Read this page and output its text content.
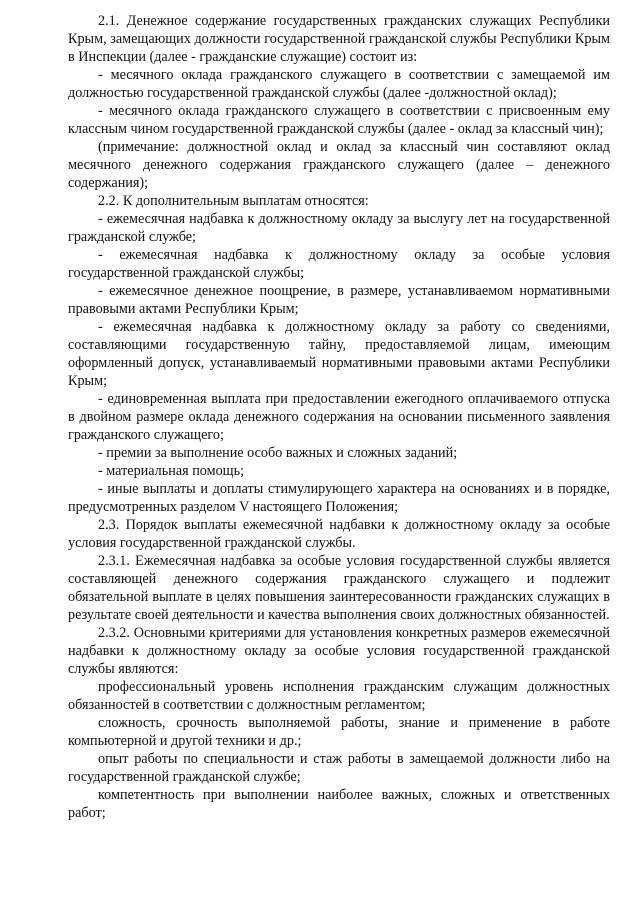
2.1. Денежное содержание государственных гражданских служащих Республики Крым, замещающих должности государственной гражданской службы Республики Крым в Инспекции (далее - гражданские служащие) состоит из:

- месячного оклада гражданского служащего в соответствии с замещаемой им должностью государственной гражданской службы (далее -должностной оклад);

- месячного оклада гражданского служащего в соответствии с присвоенным ему классным чином государственной гражданской службы (далее - оклад за классный чин);

(примечание: должностной оклад и оклад за классный чин составляют оклад месячного денежного содержания гражданского служащего (далее – денежного содержания);

2.2. К дополнительным выплатам относятся:

- ежемесячная надбавка к должностному окладу за выслугу лет на государственной гражданской службе;

- ежемесячная надбавка к должностному окладу за особые условия государственной гражданской службы;

- ежемесячное денежное поощрение, в размере, устанавливаемом нормативными правовыми актами Республики Крым;

- ежемесячная надбавка к должностному окладу за работу со сведениями, составляющими государственную тайну, предоставляемой лицам, имеющим оформленный допуск, устанавливаемый нормативными правовыми актами Республики Крым;

- единовременная выплата при предоставлении ежегодного оплачиваемого отпуска в двойном размере оклада денежного содержания на основании письменного заявления гражданского служащего;

- премии за выполнение особо важных и сложных заданий;

- материальная помощь;

- иные выплаты и доплаты стимулирующего характера на основаниях и в порядке, предусмотренных разделом V настоящего Положения;

2.3. Порядок выплаты ежемесячной надбавки к должностному окладу за особые условия государственной гражданской службы.

2.3.1. Ежемесячная надбавка за особые условия государственной службы является составляющей денежного содержания гражданского служащего и подлежит обязательной выплате в целях повышения заинтересованности гражданских служащих в результате своей деятельности и качества выполнения своих должностных обязанностей.

2.3.2. Основными критериями для установления конкретных размеров ежемесячной надбавки к должностному окладу за особые условия государственной гражданской службы являются:

профессиональный уровень исполнения гражданским служащим должностных обязанностей в соответствии с должностным регламентом;

сложность, срочность выполняемой работы, знание и применение в работе компьютерной и другой техники и др.;

опыт работы по специальности и стаж работы в замещаемой должности либо на государственной гражданской службе;

компетентность при выполнении наиболее важных, сложных и ответственных работ;
